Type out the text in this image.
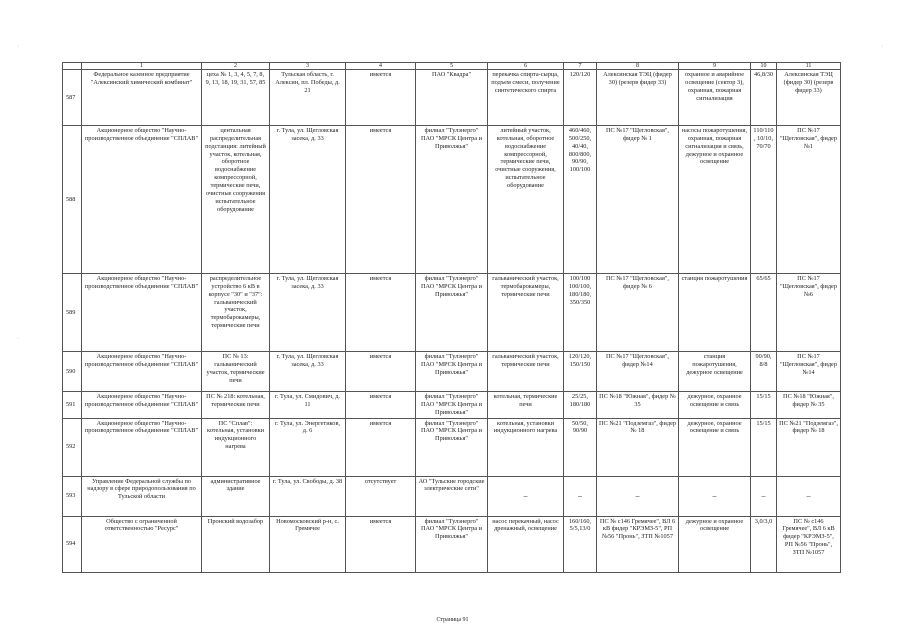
·
·
·
	1	2	3	4	5	6	7	8	9	10	11
587	Федеральное казенное предприятие "Алексинский химический комбинат"	цеха № 1, 3, 4, 5, 7, 8, 9, 13, 18, 19, 31, 57, 85	Тульская область, г. Алексин, пл. Победы, д. 21	имеется	ПАО "Квадра"	перекачка спирта-сырца, подъем смеси, получение синтетического спирта	120/120	Алексинская ТЭЦ (фидер 30) (резерв фидер 33)	охранное и аварийное освещение (сектор 3), охранная, пожарная сигнализация	46,8/30	Алексинская ТЭЦ (фидер 30) (резерв фидер 33)
588	Акционерное общество "Научно-производственное объединение "СПЛАВ"	центальная распределительная подстанция: литейный участок, котельная, оборотное водоснабжение компрессорной, термические печи, очистные сооружения испытательное оборудование	г. Тула, ул. Щегловская засека, д. 33	имеется	филиал "Тулэнерго" ПАО "МРСК Центра и Приволжья"	литейный участок, котельная, оборотное водоснабжение компрессорной, термические печи, очистные сооружения, испытательное оборудование	460/460, 500/250, 40/40, 800/800, 90/90, 100/100	ПС №17 "Щегловская", фидер № 1	насосы пожаротушения, охранная, пожарная сигнализация и связь, дежурное и охранное освещение	110/110, 10/10, 70/70	ПС №17 "Щегловская", фидер №1
589	Акционерное общество "Научно-производственное объединение "СПЛАВ"	распределительное устройство 6 кВ в корпусе "30" и "37": гальванический участок, термобарокамеры, термические печи	г. Тула, ул. Щегловская засека, д. 33	имеется	филиал "Тулэнерго" ПАО "МРСК Центра и Приволжья"	гальванический участок, термобарокамеры, термические печи	100/100 100/100, 180/180, 350/350	ПС №17 "Щегловская", фидер № 6	станция пожаротушения	65/65	ПС №17 "Щегловская", фидер №6
590	Акционерное общество "Научно-производственное объединение "СПЛАВ"	ПС № 13: гальванический участок, термические печи	г. Тула, ул. Щегловская засека, д. 33	имеется	филиал "Тулэнерго" ПАО "МРСК Центра и Приволжья"	гальванический участок, термические печи	120/120, 150/150	ПС №17 "Щегловская", фидер №14	станция пожаротушения, дежурное освещение	90/90, 8/8	ПС №17 "Щегловская", фидер №14
591	Акционерное общество "Научно-производственное объединение "СПЛАВ"	ПС № 218: котельная, термические печи	г. Тула, ул. Смидович, д. 11	имеется	филиал "Тулэнерго" ПАО "МРСК Центра и Приволжья"	котельная, термические печи	25/25, 180/180	ПС №18 "Южная", фидер № 35	дежурное, охранное освещение и связь	15/15	ПС №18 "Южная", фидер № 35
592	Акционерное общество "Научно-производственное объединение "СПЛАВ"	ПС "Сплав": котельная, установки индукционного нагрева	г. Тула, ул. Энергетиков, д. 6	имеется	филиал "Тулэнерго" ПАО "МРСК Центра и Приволжья"	котельная, установки индукционного нагрева	50/50, 90/90	ПС №21 "Подземгаз", фидер № 18	дежурное, охранное освещение и связь	15/15	ПС №21 "Подземгаз", фидер № 18
593	Управление Федеральной службы по надзору в сфере природопользования по Тульской области	административное здание	г. Тула, ул. Свободы, д. 38	отсутствует	АО "Тульские городские электрические сети"	–	–	–	–	–	–
594	Общество с ограниченной ответственностью "Ресурс"	Пронский водозабор	Новомосковский р-н, с. Гремячее	имеется	филиал "Тулэнерго" ПАО "МРСК Центра и Приволжья"	насос перекачный, насос дренажный, освещение	160/160, 5/5,13/0	ПС № с146 Гремячее", ВЛ 6 кВ фидер "КРЭМЗ-5", РП №56 "Пронь", ЗТП №1057	дежурное и охранное освещение	3,0/3,0	ПС № с146 Гремячее", ВЛ 6 кВ фидер "КРЭМЗ-5", РП №56 "Пронь", ЗТП №1057
Страница 91
